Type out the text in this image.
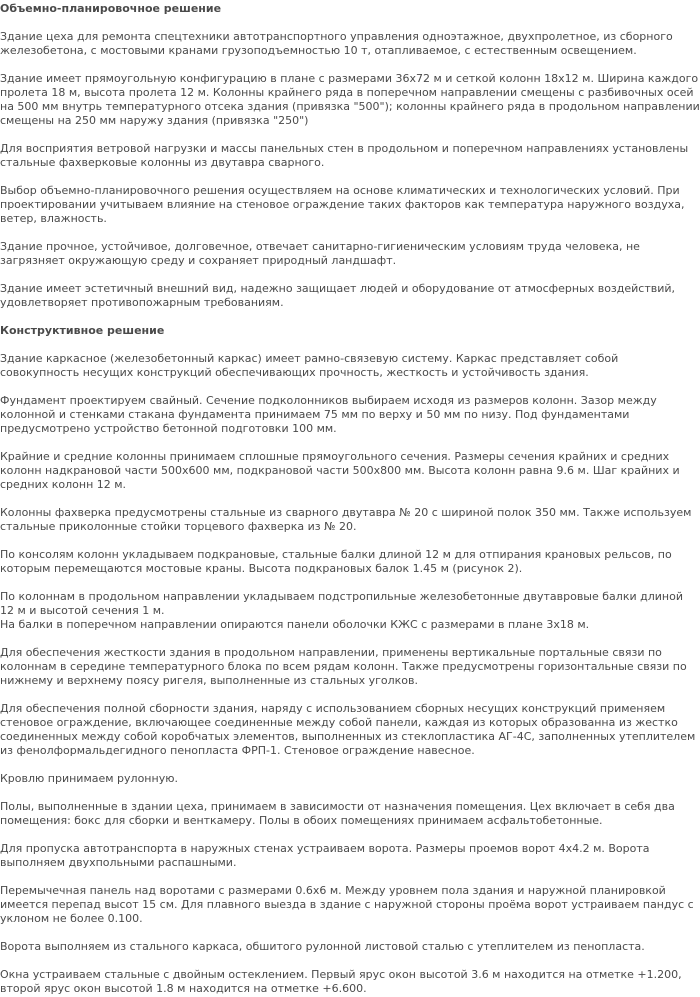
Объемно-планировочное решение

Здание цеха для ремонта спецтехники автотранспортного управления одноэтажное, двухпролетное, из сборного железобетона, с мостовыми кранами грузоподъемностью 10 т, отапливаемое, с естественным освещением.

Здание имеет прямоугольную конфигурацию в плане с размерами 36х72 м и сеткой колонн 18х12 м. Ширина каждого пролета 18 м, высота пролета 12 м. Колонны крайнего ряда в поперечном направлении смещены с разбивочных осей на 500 мм внутрь температурного отсека здания (привязка "500"); колонны крайнего ряда в продольном направлении смещены на 250 мм наружу здания (привязка "250")

Для восприятия ветровой нагрузки и массы панельных стен в продольном и поперечном направлениях установлены стальные фахверковые колонны из двутавра сварного.

Выбор объемно-планировочного решения осуществляем на основе климатических и технологических условий. При проектировании учитываем влияние на стеновое ограждение таких факторов как температура наружного воздуха, ветер, влажность.

Здание прочное, устойчивое, долговечное, отвечает санитарно-гигиеническим условиям труда человека, не загрязняет окружающую среду и сохраняет природный ландшафт.

Здание имеет эстетичный внешний вид, надежно защищает людей и оборудование от атмосферных воздействий, удовлетворяет противопожарным требованиям.

Конструктивное решение

Здание каркасное (железобетонный каркас) имеет рамно-связевую систему. Каркас представляет собой совокупность несущих конструкций обеспечивающих прочность, жесткость и устойчивость здания.

Фундамент проектируем свайный. Сечение подколонников выбираем исходя из размеров колонн. Зазор между колонной и стенками стакана фундамента принимаем 75 мм по верху и 50 мм по низу. Под фундаментами предусмотрено устройство бетонной подготовки 100 мм.

Крайние и средние колонны принимаем сплошные прямоугольного сечения. Размеры сечения крайних и средних колонн надкрановой части 500х600 мм, подкрановой части 500х800 мм. Высота колонн равна 9.6 м. Шаг крайних и средних колонн 12 м.

Колонны фахверка предусмотрены стальные из сварного двутавра № 20 с шириной полок 350 мм. Также используем стальные приколонные стойки торцевого фахверка из № 20.

По консолям колонн укладываем подкрановые, стальные балки длиной 12 м для отпирания крановых рельсов, по которым перемещаются мостовые краны. Высота подкрановых балок 1.45 м (рисунок 2).

По колоннам в продольном направлении укладываем подстропильные железобетонные двутавровые балки длиной 12 м и высотой сечения 1 м.
На балки в поперечном направлении опираются панели оболочки КЖС с размерами в плане 3х18 м.

Для обеспечения жесткости здания в продольном направлении, применены вертикальные портальные связи по колоннам в середине температурного блока по всем рядам колонн. Также предусмотрены горизонтальные связи по нижнему и верхнему поясу ригеля, выполненные из стальных уголков.

Для обеспечения полной сборности здания, наряду с использованием сборных несущих конструкций применяем стеновое ограждение, включающее соединенные между собой панели, каждая из которых образованна из жестко соединенных между собой коробчатых элементов, выполненных из стеклопластика АГ-4С, заполненных утеплителем из фенолформальдегидного пенопласта ФРП-1. Стеновое ограждение навесное.

Кровлю принимаем рулонную.

Полы, выполненные в здании цеха, принимаем в зависимости от назначения помещения. Цех включает в себя два помещения: бокс для сборки и венткамеру. Полы в обоих помещениях принимаем асфальтобетонные.

Для пропуска автотранспорта в наружных стенах устраиваем ворота. Размеры проемов ворот 4х4.2 м. Ворота выполняем двухпольными распашными.

Перемычечная панель над воротами с размерами 0.6х6 м. Между уровнем пола здания и наружной планировкой имеется перепад высот 15 см. Для плавного выезда в здание с наружной стороны проёма ворот устраиваем пандус с уклоном не более 0.100.

Ворота выполняем из стального каркаса, обшитого рулонной листовой сталью с утеплителем из пенопласта.

Окна устраиваем стальные с двойным остеклением. Первый ярус окон высотой 3.6 м находится на отметке +1.200, второй ярус окон высотой 1.8 м находится на отметке +6.600.
